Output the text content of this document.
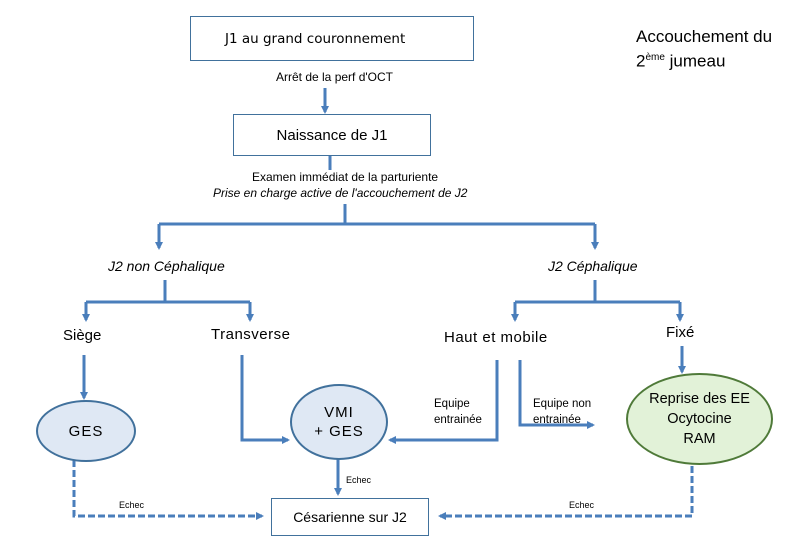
J1 au grand couronnement	Accouchement du
2ème jumeau
Arrêt de la perf d'OCT
Naissance de J1
Examen immédiat de la parturiente
Prise en charge active de l'accouchement de J2
J2 non Céphalique	J2 Céphalique
Siège	Transverse	Haut et mobile	Fixé
GES
VMI
+ GES
Equipe
entrainée
Equipe non
entrainée
Reprise des EE
Ocytocine
RAM
Echec
Echec	Echec
Césarienne sur J2
